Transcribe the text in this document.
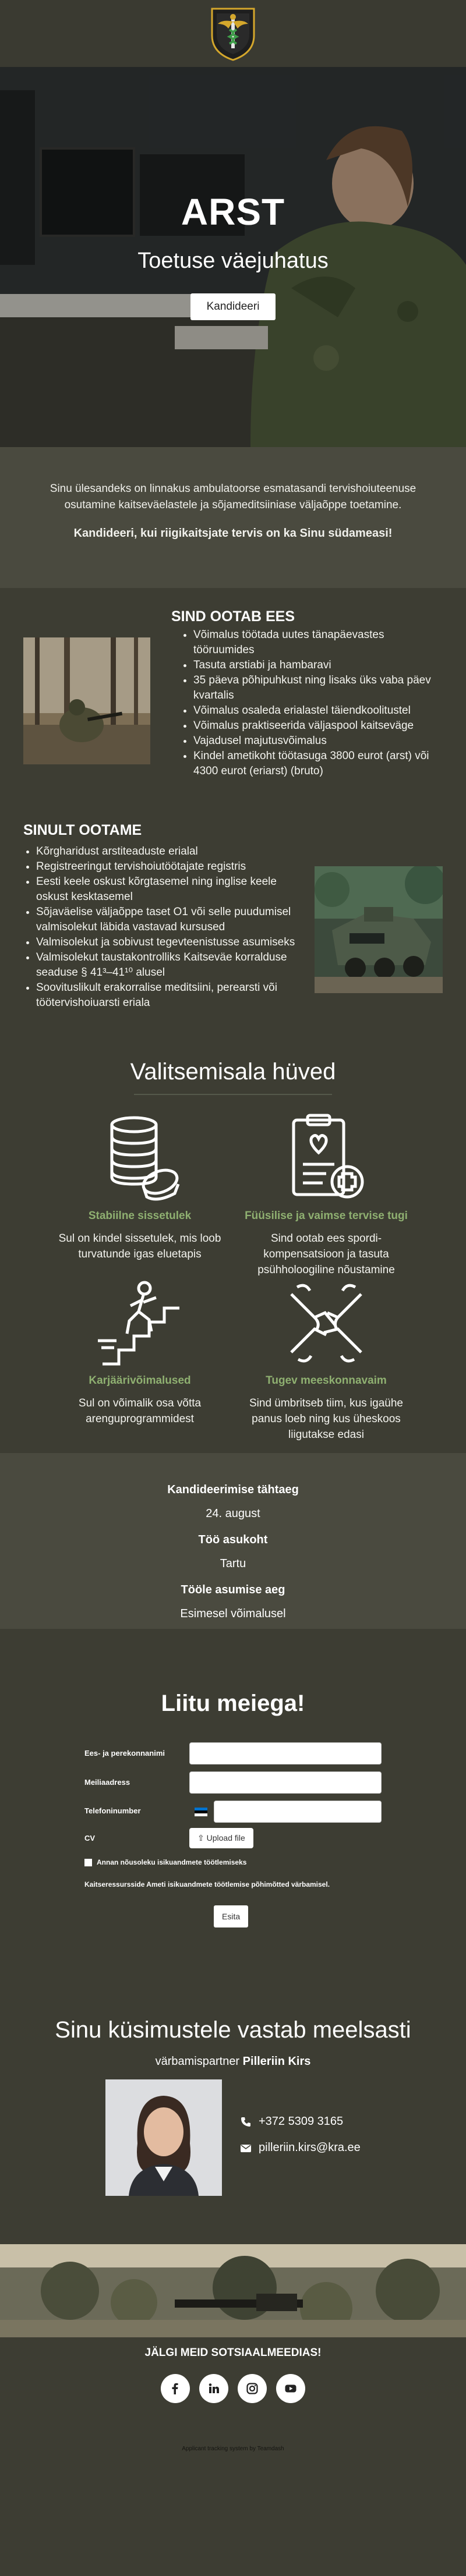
ARST
Toetuse väejuhatus
Kandideeri

Sinu ülesandeks on linnakus ambulatoorse esmatasandi tervishoiuteenuse osutamine kaitseväelastele ja sõjameditsiiniase väljaõppe toetamine.

Kandideeri, kui riigikaitsjate tervis on ka Sinu südameasi!

SIND OOTAB EES
• Võimalus töötada uutes tänapäevastes tööruumides
• Tasuta arstiabi ja hambaravi
• 35 päeva põhipuhkust ning lisaks üks vaba päev kvartalis
• Võimalus osaleda erialastel täiendkoolitustel
• Võimalus praktiseerida väljaspool kaitseväge
• Vajadusel majutusvõimalus
• Kindel ametikoht töötasuga 3800 eurot (arst) või 4300 eurot (eriarst) (bruto)
SINULT OOTAME
• Kõrgharidust arstiteaduste erialal
• Registreeringut tervishoiutöötajate registris
• Eesti keele oskust kõrgtasemel ning inglise keele oskust kesktasemel
• Sõjaväelise väljaõppe taset O1 või selle puudumisel valmisolekut läbida vastavad kursused
• Valmisolekut ja sobivust tegevteenistusse asumiseks
• Valmisolekut taustakontrolliks Kaitseväe korralduse seaduse § 41³–41¹⁰ alusel
• Soovituslikult erakorralise meditsiini, perearsti või töötervishoiuarsti eriala
Valitsemisala hüved
Stabiilne sissetulek

Sul on kindel sissetulek, mis loob turvatunde igas eluetapis

Füüsilise ja vaimse tervise tugi

Sind ootab ees spordi-kompensatsioon ja tasuta psühholoogiline nõustamine

Karjäärivõimalused

Sul on võimalik osa võtta arenguprogrammidest

Tugev meeskonnavaim

Sind ümbritseb tiim, kus igaühe panus loeb ning kus üheskoos liigutakse edasi

Kandideerimise tähtaeg
24. august
Töö asukoht
Tartu
Tööle asumise aeg
Esimesel võimalusel
Liitu meiega!
Ees- ja perekonnanimi
Meiliaadress
Telefoninumber
CV	⇪ Upload file
Annan nõusoleku isikuandmete töötlemiseks
Kaitseressursside Ameti isikuandmete töötlemise põhimõtted värbamisel.
Esita
Sinu küsimustele vastab meelsasti
värbamispartner Pilleriin Kirs
+372 5309 3165
pilleriin.kirs@kra.ee
JÄLGI MEID SOTSIAALMEEDIAS!
Applicant tracking system by Teamdash
